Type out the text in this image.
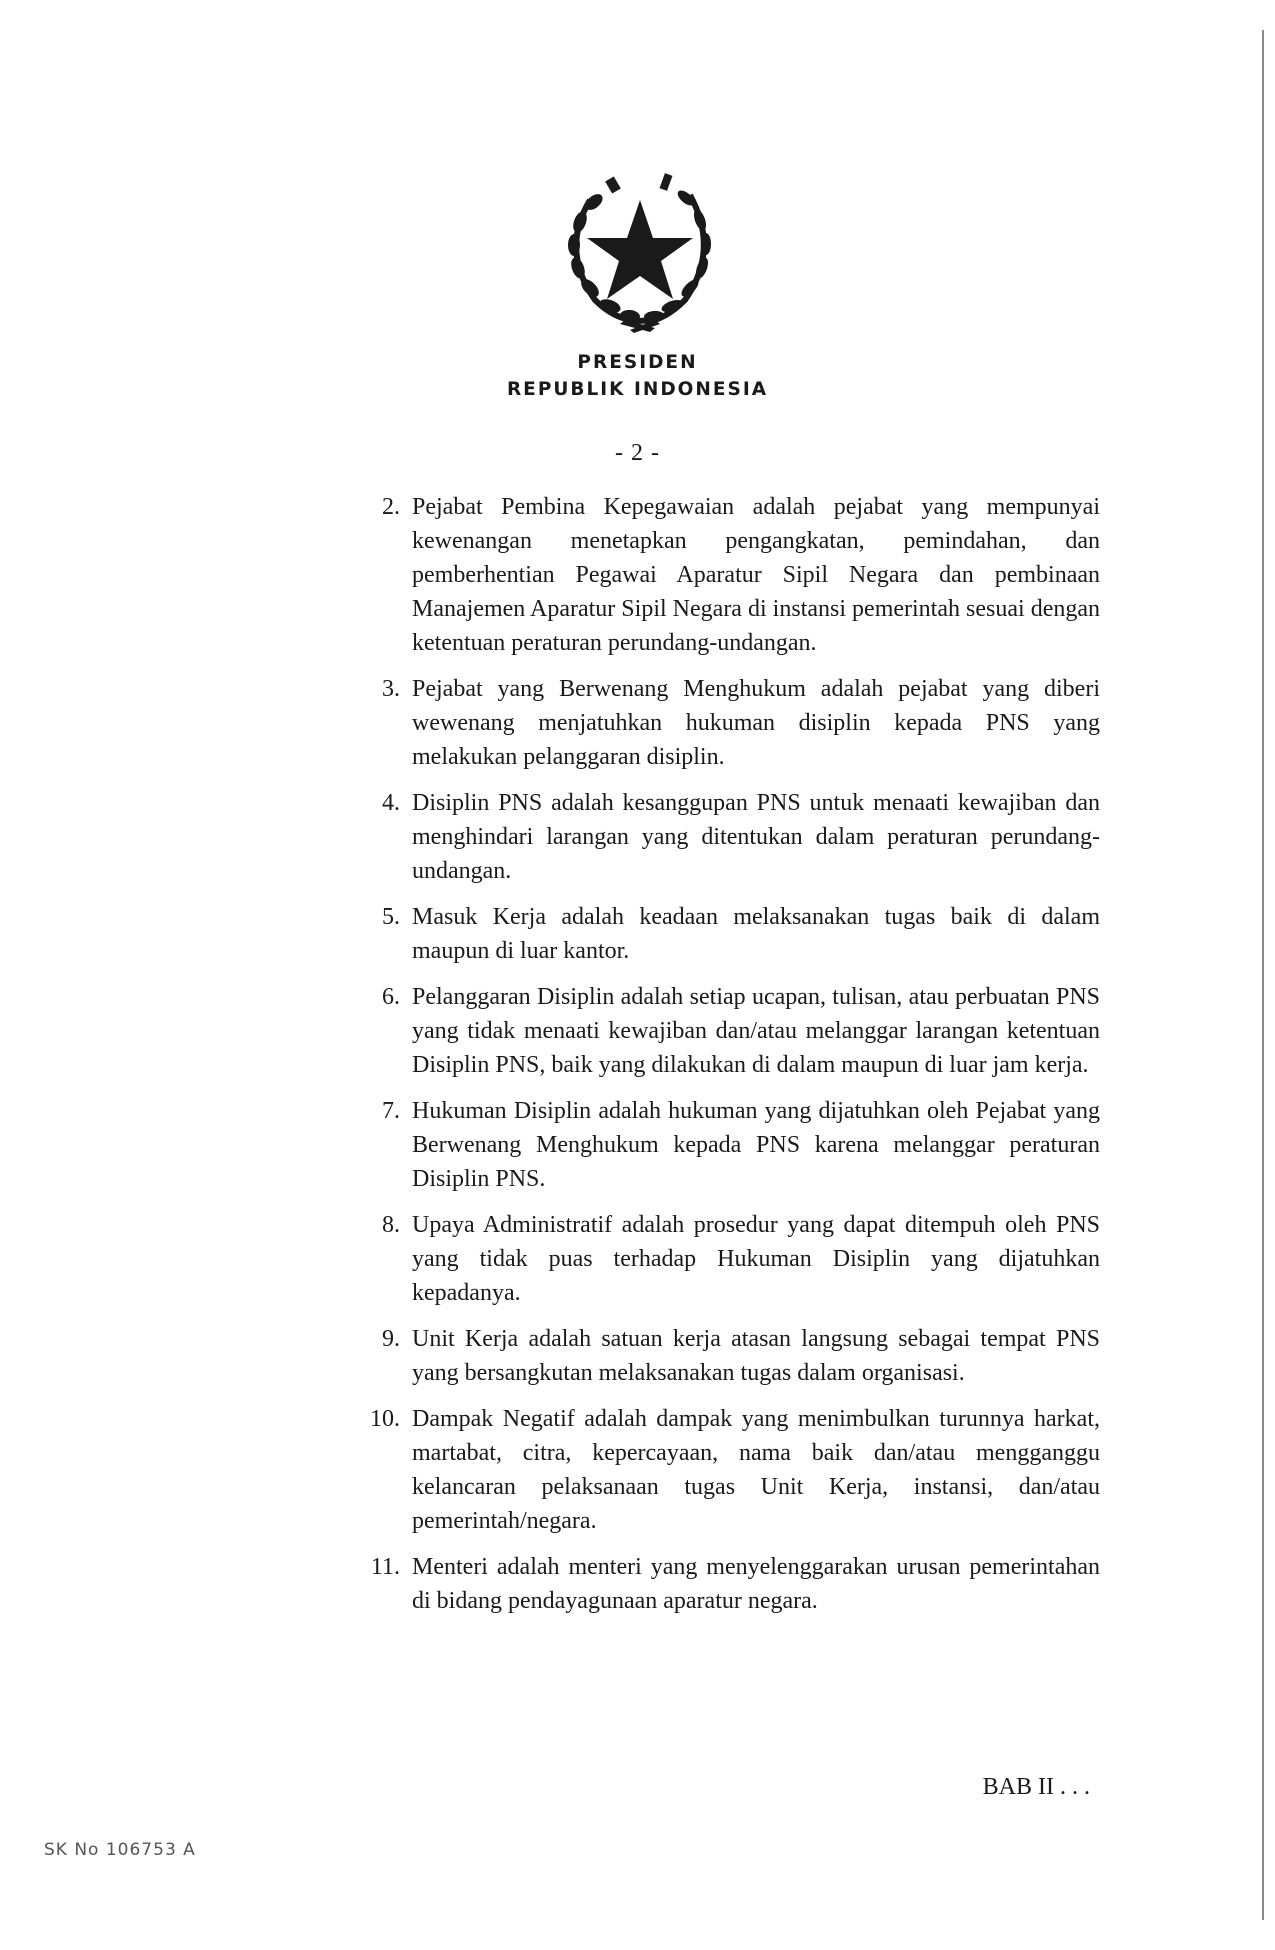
PRESIDEN
REPUBLIK INDONESIA
- 2 -
2. Pejabat Pembina Kepegawaian adalah pejabat yang mempunyai kewenangan menetapkan pengangkatan, pemindahan, dan pemberhentian Pegawai Aparatur Sipil Negara dan pembinaan Manajemen Aparatur Sipil Negara di instansi pemerintah sesuai dengan ketentuan peraturan perundang-undangan.
3. Pejabat yang Berwenang Menghukum adalah pejabat yang diberi wewenang menjatuhkan hukuman disiplin kepada PNS yang melakukan pelanggaran disiplin.
4. Disiplin PNS adalah kesanggupan PNS untuk menaati kewajiban dan menghindari larangan yang ditentukan dalam peraturan perundang-undangan.
5. Masuk Kerja adalah keadaan melaksanakan tugas baik di dalam maupun di luar kantor.
6. Pelanggaran Disiplin adalah setiap ucapan, tulisan, atau perbuatan PNS yang tidak menaati kewajiban dan/atau melanggar larangan ketentuan Disiplin PNS, baik yang dilakukan di dalam maupun di luar jam kerja.
7. Hukuman Disiplin adalah hukuman yang dijatuhkan oleh Pejabat yang Berwenang Menghukum kepada PNS karena melanggar peraturan Disiplin PNS.
8. Upaya Administratif adalah prosedur yang dapat ditempuh oleh PNS yang tidak puas terhadap Hukuman Disiplin yang dijatuhkan kepadanya.
9. Unit Kerja adalah satuan kerja atasan langsung sebagai tempat PNS yang bersangkutan melaksanakan tugas dalam organisasi.
10. Dampak Negatif adalah dampak yang menimbulkan turunnya harkat, martabat, citra, kepercayaan, nama baik dan/atau mengganggu kelancaran pelaksanaan tugas Unit Kerja, instansi, dan/atau pemerintah/negara.
11. Menteri adalah menteri yang menyelenggarakan urusan pemerintahan di bidang pendayagunaan aparatur negara.
BAB II . . .
SK No 106753 A
